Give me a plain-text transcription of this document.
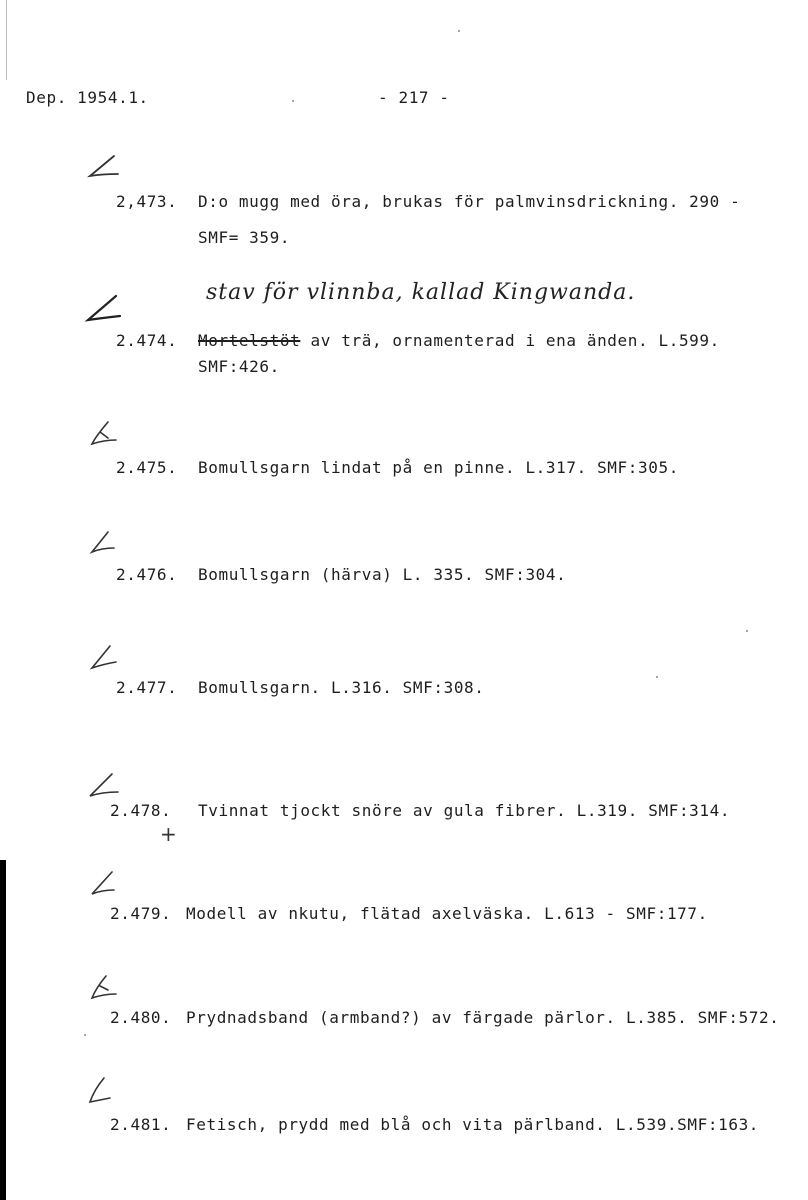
Dep. 1954.1.	- 217 -
2,473. D:o mugg med öra, brukas för palmvinsdrickning. 290 -
SMF= 359.
stav för vlinnba, kallad Kingwanda.
2.474. Mortelstöt av trä, ornamenterad i ena änden. L.599.
SMF:426.
2.475. Bomullsgarn lindat på en pinne. L.317. SMF:305.
2.476. Bomullsgarn (härva) L. 335. SMF:304.
2.477. Bomullsgarn. L.316. SMF:308.
2.478. Tvinnat tjockt snöre av gula fibrer. L.319. SMF:314.
+
2.479. Modell av nkutu, flätad axelväska. L.613 - SMF:177.
2.480. Prydnadsband (armband?) av färgade pärlor. L.385. SMF:572.
2.481. Fetisch, prydd med blå och vita pärlband. L.539.SMF:163.
